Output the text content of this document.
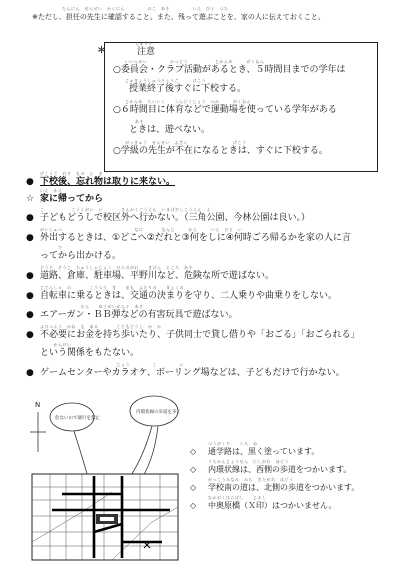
たんにん　せんせい　かくにん　　　　　のこ　あそ　　　　　いえ　ひと　つた
※ただし、担任の先生に確認すること。また、残って遊ぶことを、家の人に伝えておくこと。
＊
ちゅうい
注意
いいんかい　　　　　かつどう　　　　　　じかんめ　　　がくねん
○委員会・クラブ活動があるとき、５時間目までの学年は
じゅぎょうしゅうりょうご　　　げこう
授業終了後すぐに下校する。
じかんめ　たいいく　　うんどうじょう　つか　　　がくねん
○６時間目に体育などで運動場を使っている学年がある
あそ
ときは、遊べない。
がっきゅう　せんせい　ふざい　　　　　　　　　　げこう
○学級の先生が不在になるときは、すぐに下校する。
●
げこうご　わす　もの　と　き
下校後、忘れ物は取りに来ない。
☆
いえ　かえ
家に帰ってから
●
こ　　　　　　こうくがい　い　　　　さんかくこうえん　いまばやしこうえん　よ
子どもどうしで校区外へ行かない。（三角公園、今林公園は良い。）
●
がいしゅつ　　　　　　　　　　　　　　　　なに　　　　なんじ　　　かえ　　　いえ　ひと　い
外出するときは、①どこへ②だれと③何をしに④何時ごろ帰るかを家の人に言
　　　　で
ってから出かける。
●
どうろ　そうこ　ちゅうしゃじょう　ひらのがわ　　きけん　ところ　あそ
道路、倉庫、駐車場、平野川など、危険な所で遊ばない。
●
じてんしゃ　の　　　　こうつう　き　　まも　ふたりの　　きょくの
自転車に乗るときは、交通の決まりを守り、二人乗りや曲乗りをしない。
●
　　　　　　　　　だん　　ゆうがいがんぐ　あそ
エアーガン・ＢＢ弾などの有害玩具で遊ばない。
●
ふひつよう　かね　も　ある　　　　こどもどうし　か　か
不必要にお金を持ち歩いたり、子供同士で貸し借りや「おごる」「おごられる」
　　　かんけい
という関係をもたない。
●
　　　　　　　　　　　　　　　　　じょう　　　　　こ　　　　　い
ゲームセンターやカラオケ、ボーリング場などは、子どもだけで行かない。
N
危ないので通行を禁止
内環状線の歩道を歩く
◇
つうがくろ　　くろ　ぬ
通学路は、黒く塗っています。
◇
うちかんじょうせん　にしがわ　ほどう
内環状線は、西側の歩道をつかいます。
◇
がっこうみなみ　みち　きたがわ　ほどう
学校南の道は、北側の歩道をつかいます。
◇
なかおくはらばし　　じるし
中奥原橋（Ｘ印）はつかいません。
